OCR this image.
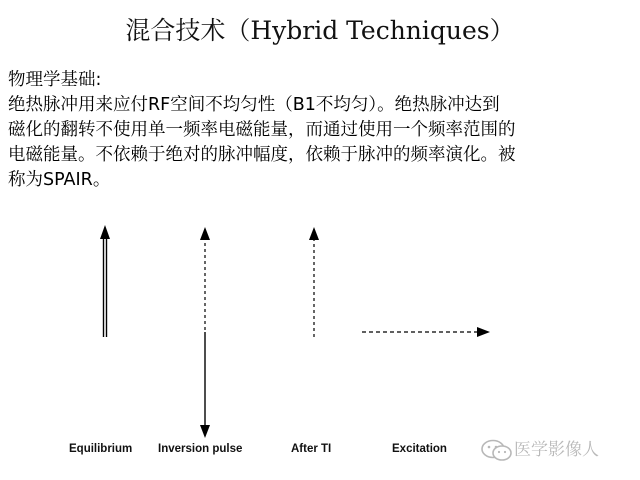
混合技术（Hybrid Techniques）
物理学基础:
绝热脉冲用来应付RF空间不均匀性（B1不均匀）。绝热脉冲达到
磁化的翻转不使用单一频率电磁能量，而通过使用一个频率范围的
电磁能量。不依赖于绝对的脉冲幅度，依赖于脉冲的频率演化。被
称为SPAIR。
Equilibrium Inversion pulse	After TI	Excitation	医学影像人
